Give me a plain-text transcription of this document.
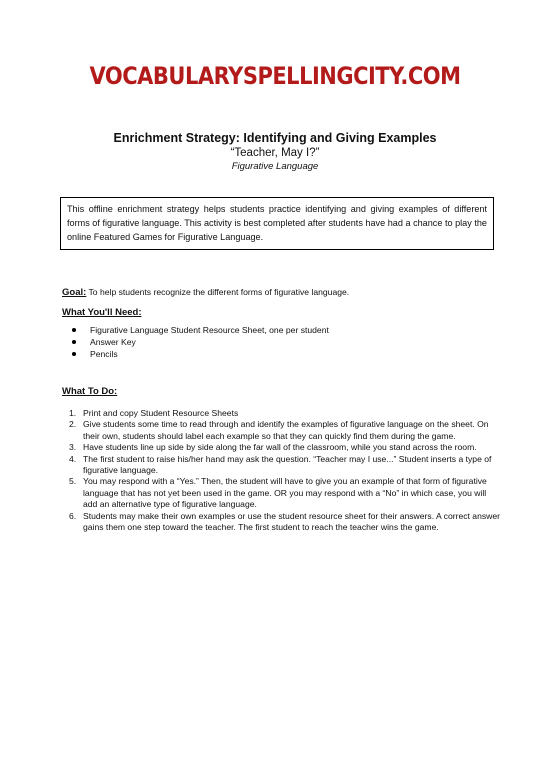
VOCABULARYSPELLINGCITY.COM

Enrichment Strategy: Identifying and Giving Examples

“Teacher, May I?”

Figurative Language

This offline enrichment strategy helps students practice identifying and giving examples of different forms of figurative language. This activity is best completed after students have had a chance to play the online Featured Games for Figurative Language.
Goal: To help students recognize the different forms of figurative language.
What You'll Need:
Figurative Language Student Resource Sheet, one per student
Answer Key
Pencils
What To Do:
1. Print and copy Student Resource Sheets
2. Give students some time to read through and identify the examples of figurative language on the sheet. On their own, students should label each example so that they can quickly find them during the game.
3. Have students line up side by side along the far wall of the classroom, while you stand across the room.
4. The first student to raise his/her hand may ask the question. “Teacher may I use...” Student inserts a type of figurative language.
5. You may respond with a “Yes.” Then, the student will have to give you an example of that form of figurative language that has not yet been used in the game. OR you may respond with a “No” in which case, you will add an alternative type of figurative language.
6. Students may make their own examples or use the student resource sheet for their answers. A correct answer gains them one step toward the teacher. The first student to reach the teacher wins the game.
